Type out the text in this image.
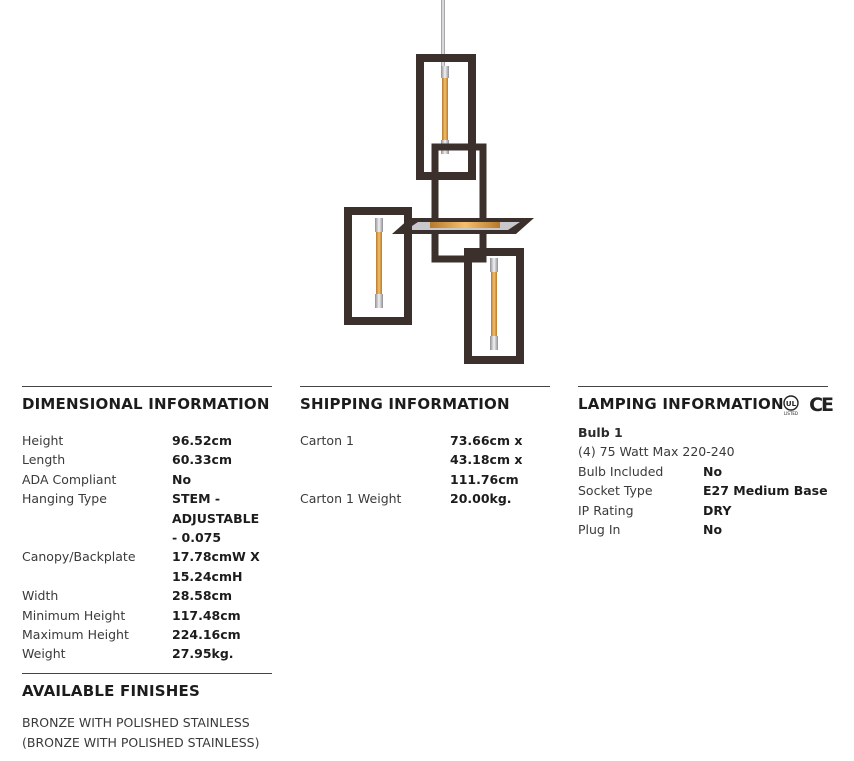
DIMENSIONAL INFORMATION
Height	96.52cm
Length	60.33cm
ADA Compliant	No
Hanging Type	STEM - ADJUSTABLE - 0.075
Canopy/Backplate	17.78cmW X 15.24cmH
Width	28.58cm
Minimum Height	117.48cm
Maximum Height	224.16cm
Weight	27.95kg.
SHIPPING INFORMATION
Carton 1	73.66cm x 43.18cm x 111.76cm
Carton 1 Weight	20.00kg.
LAMPING INFORMATION UL
LISTED CE
Bulb 1
(4) 75 Watt Max 220-240
Bulb Included	No
Socket Type	E27 Medium Base
IP Rating	DRY
Plug In	No
AVAILABLE FINISHES
BRONZE WITH POLISHED STAINLESS (BRONZE WITH POLISHED STAINLESS)
